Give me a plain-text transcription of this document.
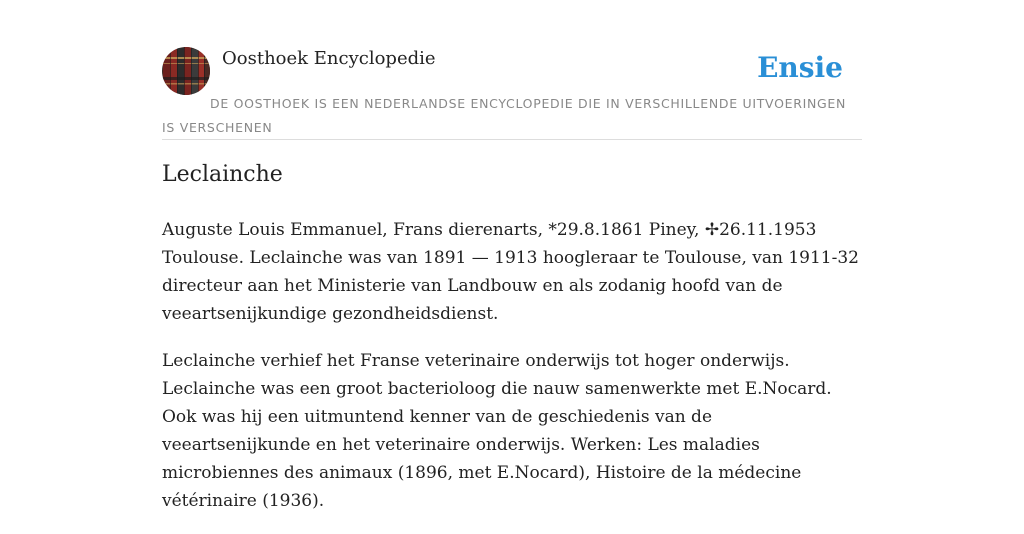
Oosthoek Encyclopedie	Ensie
DE OOSTHOEK IS EEN NEDERLANDSE ENCYCLOPEDIE DIE IN VERSCHILLENDE UITVOERINGEN IS VERSCHENEN
Leclainche

Auguste Louis Emmanuel, Frans dierenarts, *29.8.1861 Piney, ✢26.11.1953 Toulouse. Leclainche was van 1891 — 1913 hoogleraar te Toulouse, van 1911-32 directeur aan het Ministerie van Landbouw en als zodanig hoofd van de veeartsenijkundige gezondheidsdienst.

Leclainche verhief het Franse veterinaire onderwijs tot hoger onderwijs. Leclainche was een groot bacterioloog die nauw samenwerkte met E.Nocard. Ook was hij een uitmuntend kenner van de geschiedenis van de veeartsenijkunde en het veterinaire onderwijs. Werken: Les maladies microbiennes des animaux (1896, met E.Nocard), Histoire de la médecine vétérinaire (1936).
